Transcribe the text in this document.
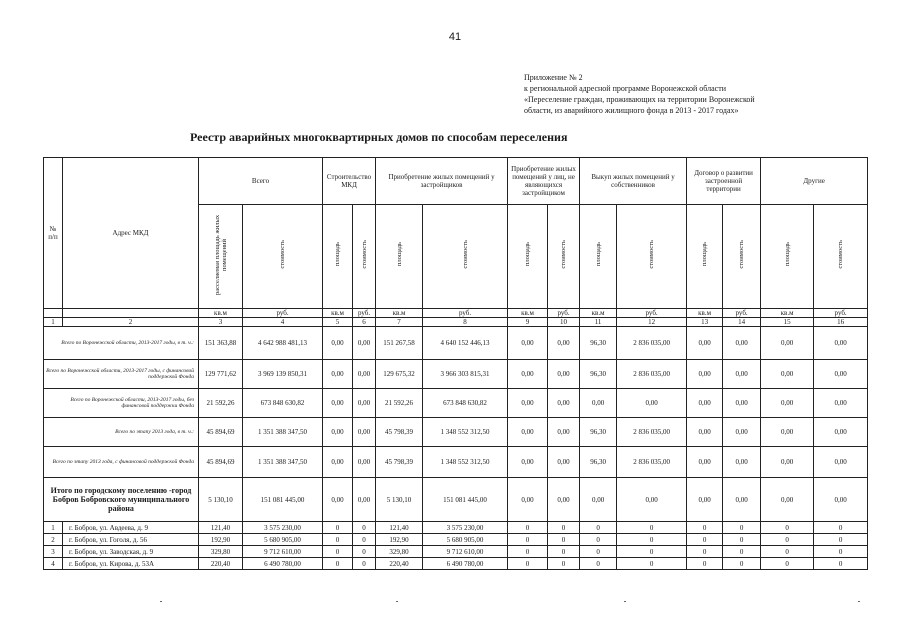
41
Приложение № 2
к региональной адресной программе Воронежской области
«Переселение граждан, проживающих на территории Воронежской
области, из аварийного жилищного фонда в 2013 - 2017 годах»
Реестр аварийных многоквартирных домов по способам переселения
№ п/п	Адрес МКД	Всего		Строительство МКД		Приобретение жилых помещений у застройщиков		Приобретение жилых помещений у лиц, не являющихся застройщиком		Выкуп жилых помещений у собственников		Договор о развитии застроенной территории		Другие	
		расселяемая площадь жилых помещений	стоимость	площадь	стоимость	площадь	стоимость	площадь	стоимость	площадь	стоимость	площадь	стоимость	площадь	стоимость
		кв.м	руб.	кв.м	руб.	кв.м	руб.	кв.м	руб.	кв.м	руб.	кв.м	руб.	кв.м	руб.
1	2	3	4	5	6	7	8	9	10	11	12	13	14	15	16
Всего по Воронежской области, 2013-2017 годы, в т. ч.:		151 363,88	4 642 988 481,13	0,00	0,00	151 267,58	4 640 152 446,13	0,00	0,00	96,30	2 836 035,00	0,00	0,00	0,00	0,00
Всего по Воронежской области, 2013-2017 годы, с финансовой поддержкой Фонда		129 771,62	3 969 139 850,31	0,00	0,00	129 675,32	3 966 303 815,31	0,00	0,00	96,30	2 836 035,00	0,00	0,00	0,00	0,00
Всего по Воронежской области, 2013-2017 годы, без финансовой поддержки Фонда		21 592,26	673 848 630,82	0,00	0,00	21 592,26	673 848 630,82	0,00	0,00	0,00	0,00	0,00	0,00	0,00	0,00
Всего по этапу 2013 года, в т. ч.:		45 894,69	1 351 388 347,50	0,00	0,00	45 798,39	1 348 552 312,50	0,00	0,00	96,30	2 836 035,00	0,00	0,00	0,00	0,00
Всего по этапу 2013 года, с финансовой поддержкой Фонда		45 894,69	1 351 388 347,50	0,00	0,00	45 798,39	1 348 552 312,50	0,00	0,00	96,30	2 836 035,00	0,00	0,00	0,00	0,00
Итого по городскому поселению -город Бобров Бобровского муниципального района		5 130,10	151 081 445,00	0,00	0,00	5 130,10	151 081 445,00	0,00	0,00	0,00	0,00	0,00	0,00	0,00	0,00
1	г. Бобров, ул. Авдеева, д. 9	121,40	3 575 230,00	0	0	121,40	3 575 230,00	0	0	0	0	0	0	0	0
2	г. Бобров, ул. Гоголя, д. 56	192,90	5 680 905,00	0	0	192,90	5 680 905,00	0	0	0	0	0	0	0	0
3	г. Бобров, ул. Заводская, д. 9	329,80	9 712 610,00	0	0	329,80	9 712 610,00	0	0	0	0	0	0	0	0
4	г. Бобров, ул. Кирова, д. 53А	220,40	6 490 780,00	0	0	220,40	6 490 780,00	0	0	0	0	0	0	0	0
